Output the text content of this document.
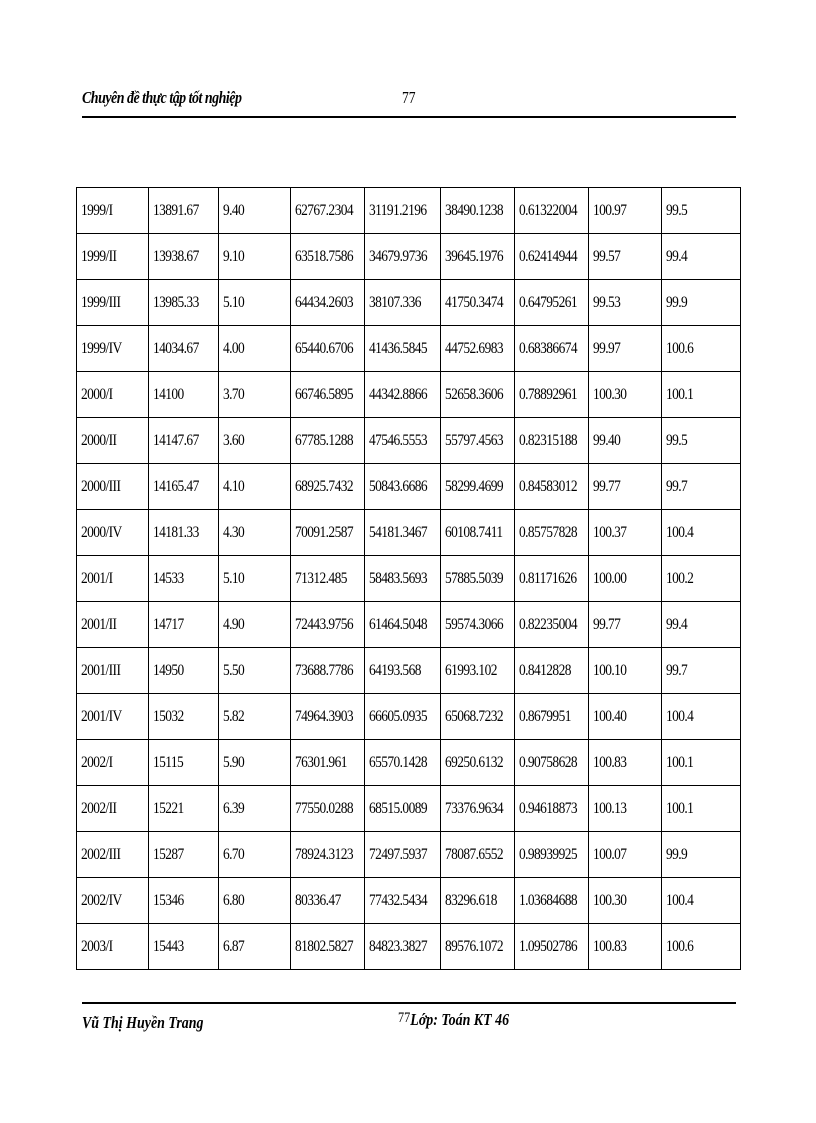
Chuyên đề thực tập tốt nghiệp	77
1999/I	13891.67	9.40	62767.2304	31191.2196	38490.1238	0.61322004	100.97	99.5
1999/II	13938.67	9.10	63518.7586	34679.9736	39645.1976	0.62414944	99.57	99.4
1999/III	13985.33	5.10	64434.2603	38107.336	41750.3474	0.64795261	99.53	99.9
1999/IV	14034.67	4.00	65440.6706	41436.5845	44752.6983	0.68386674	99.97	100.6
2000/I	14100	3.70	66746.5895	44342.8866	52658.3606	0.78892961	100.30	100.1
2000/II	14147.67	3.60	67785.1288	47546.5553	55797.4563	0.82315188	99.40	99.5
2000/III	14165.47	4.10	68925.7432	50843.6686	58299.4699	0.84583012	99.77	99.7
2000/IV	14181.33	4.30	70091.2587	54181.3467	60108.7411	0.85757828	100.37	100.4
2001/I	14533	5.10	71312.485	58483.5693	57885.5039	0.81171626	100.00	100.2
2001/II	14717	4.90	72443.9756	61464.5048	59574.3066	0.82235004	99.77	99.4
2001/III	14950	5.50	73688.7786	64193.568	61993.102	0.8412828	100.10	99.7
2001/IV	15032	5.82	74964.3903	66605.0935	65068.7232	0.8679951	100.40	100.4
2002/I	15115	5.90	76301.961	65570.1428	69250.6132	0.90758628	100.83	100.1
2002/II	15221	6.39	77550.0288	68515.0089	73376.9634	0.94618873	100.13	100.1
2002/III	15287	6.70	78924.3123	72497.5937	78087.6552	0.98939925	100.07	99.9
2002/IV	15346	6.80	80336.47	77432.5434	83296.618	1.03684688	100.30	100.4
2003/I	15443	6.87	81802.5827	84823.3827	89576.1072	1.09502786	100.83	100.6
Vũ Thị Huyền Trang	77Lớp: Toán KT 46
